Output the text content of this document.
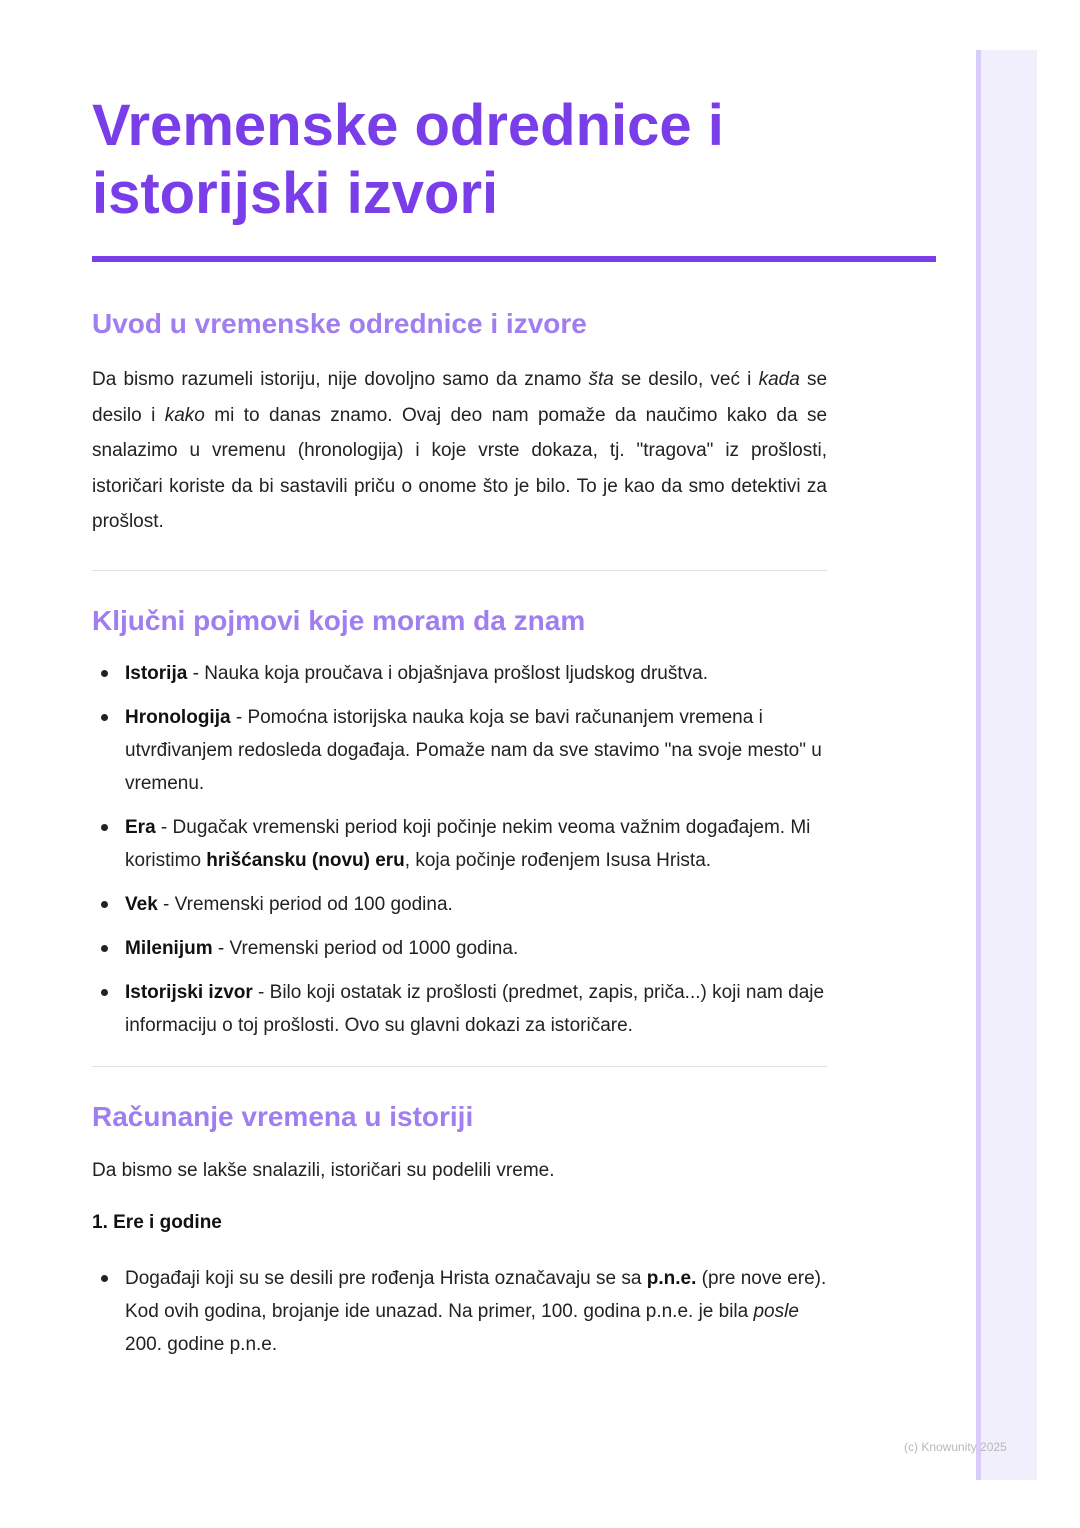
Vremenske odrednice i istorijski izvori
Uvod u vremenske odrednice i izvore

Da bismo razumeli istoriju, nije dovoljno samo da znamo šta se desilo, već i kada se desilo i kako mi to danas znamo. Ovaj deo nam pomaže da naučimo kako da se snalazimo u vremenu (hronologija) i koje vrste dokaza, tj. "tragova" iz prošlosti, istoričari koriste da bi sastavili priču o onome što je bilo. To je kao da smo detektivi za prošlost.

Ključni pojmovi koje moram da znam
Istorija - Nauka koja proučava i objašnjava prošlost ljudskog društva.
Hronologija - Pomoćna istorijska nauka koja se bavi računanjem vremena i utvrđivanjem redosleda događaja. Pomaže nam da sve stavimo "na svoje mesto" u vremenu.
Era - Dugačak vremenski period koji počinje nekim veoma važnim događajem. Mi koristimo hrišćansku (novu) eru, koja počinje rođenjem Isusa Hrista.
Vek - Vremenski period od 100 godina.
Milenijum - Vremenski period od 1000 godina.
Istorijski izvor - Bilo koji ostatak iz prošlosti (predmet, zapis, priča...) koji nam daje informaciju o toj prošlosti. Ovo su glavni dokazi za istoričare.
Računanje vremena u istoriji

Da bismo se lakše snalazili, istoričari su podelili vreme.

1. Ere i godine
Događaji koji su se desili pre rođenja Hrista označavaju se sa p.n.e. (pre nove ere). Kod ovih godina, brojanje ide unazad. Na primer, 100. godina p.n.e. je bila posle 200. godine p.n.e.
(c) Knowunity 2025
